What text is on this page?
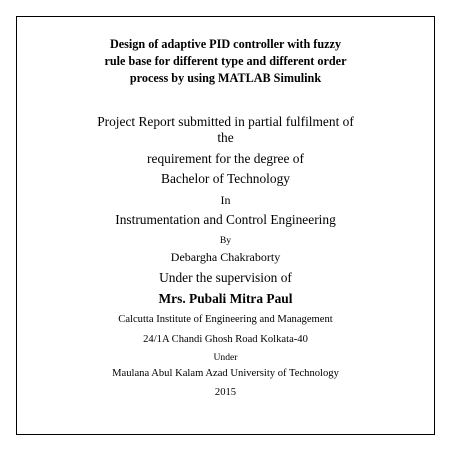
Design of adaptive PID controller with fuzzy
rule base for different type and different order
process by using MATLAB Simulink
Project Report submitted in partial fulfilment of
the
requirement for the degree of
Bachelor of Technology
In
Instrumentation and Control Engineering
By
Debargha Chakraborty
Under the supervision of
Mrs. Pubali Mitra Paul
Calcutta Institute of Engineering and Management
24/1A Chandi Ghosh Road Kolkata-40
Under
Maulana Abul Kalam Azad University of Technology
2015
